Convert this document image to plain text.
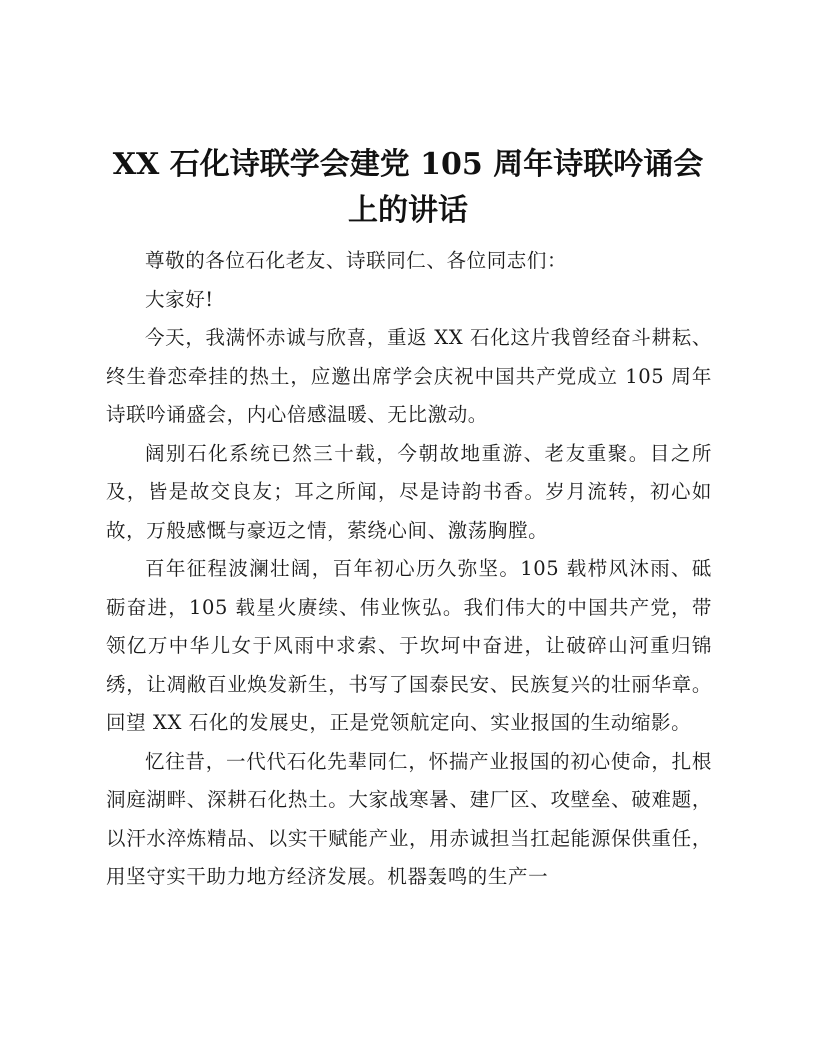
XX 石化诗联学会建党 105 周年诗联吟诵会上的讲话

尊敬的各位石化老友、诗联同仁、各位同志们：

大家好!

今天，我满怀赤诚与欣喜，重返 XX 石化这片我曾经奋斗耕耘、终生眷恋牵挂的热土，应邀出席学会庆祝中国共产党成立 105 周年诗联吟诵盛会，内心倍感温暖、无比激动。

阔别石化系统已然三十载，今朝故地重游、老友重聚。目之所及，皆是故交良友；耳之所闻，尽是诗韵书香。岁月流转，初心如故，万般感慨与豪迈之情，萦绕心间、激荡胸膛。

百年征程波澜壮阔，百年初心历久弥坚。105 载栉风沐雨、砥砺奋进，105 载星火赓续、伟业恢弘。我们伟大的中国共产党，带领亿万中华儿女于风雨中求索、于坎坷中奋进，让破碎山河重归锦绣，让凋敝百业焕发新生，书写了国泰民安、民族复兴的壮丽华章。回望 XX 石化的发展史，正是党领航定向、实业报国的生动缩影。

忆往昔，一代代石化先辈同仁，怀揣产业报国的初心使命，扎根洞庭湖畔、深耕石化热土。大家战寒暑、建厂区、攻壁垒、破难题，以汗水淬炼精品、以实干赋能产业，用赤诚担当扛起能源保供重任，用坚守实干助力地方经济发展。机器轰鸣的生产一
